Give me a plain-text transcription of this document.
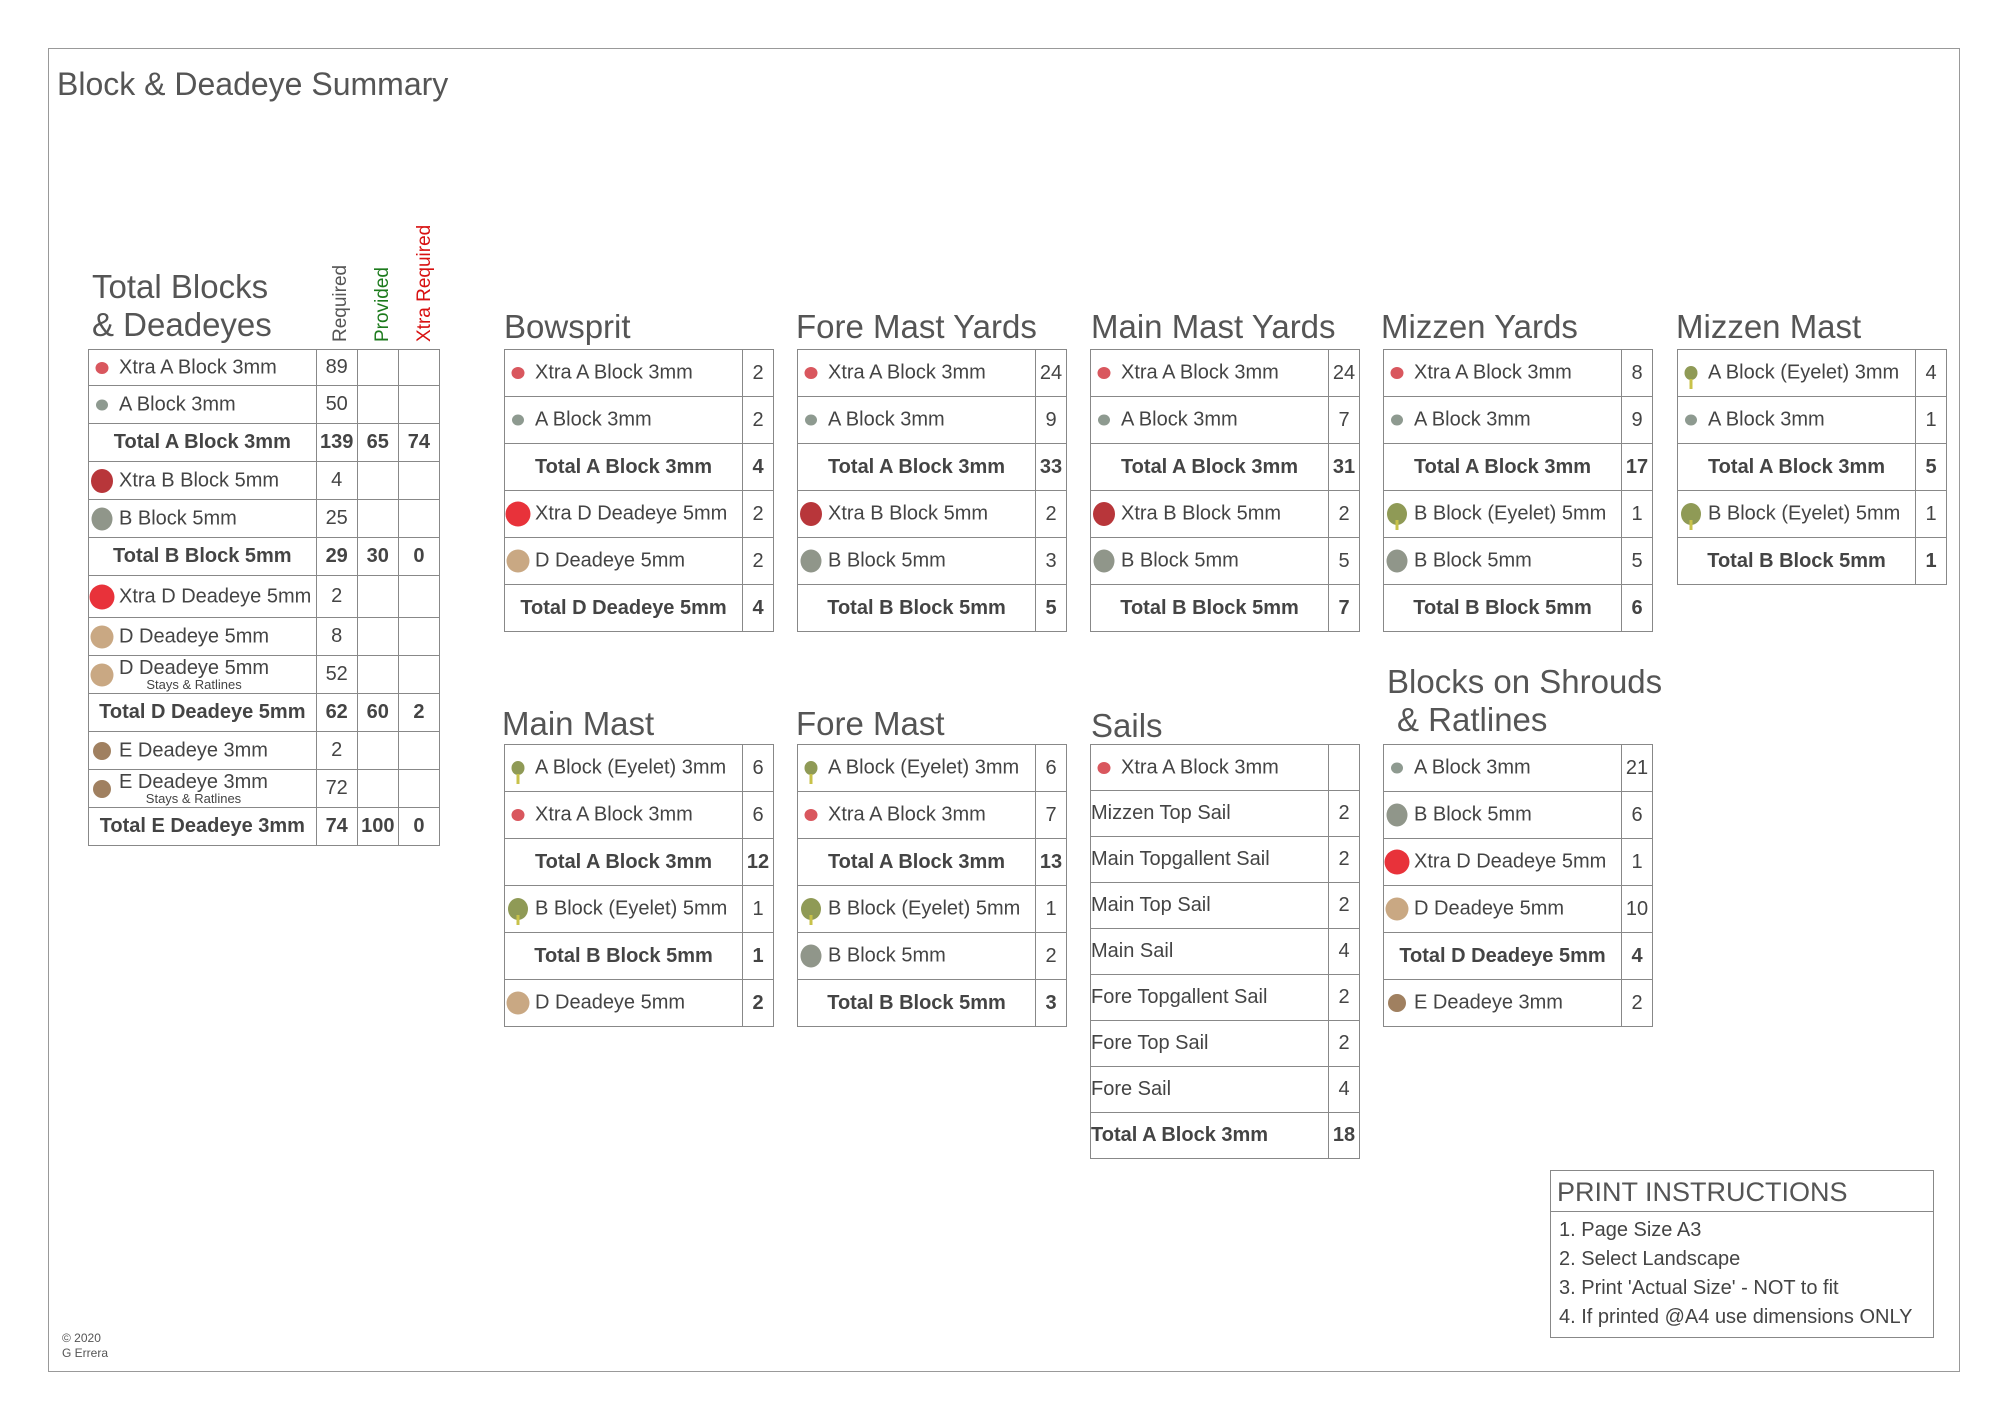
Block & Deadeye Summary
Total Blocks
& Deadeyes	Required Provided Xtra Required
Xtra A Block 3mm	89		

A Block 3mm	50		
Total A Block 3mm	139	65	74

Xtra B Block 5mm	4		

B Block 5mm	25		
Total B Block 5mm	29	30	0

Xtra D Deadeye 5mm	2		

D Deadeye 5mm	8		

D Deadeye 5mm
Stays & Ratlines	52		
Total D Deadeye 5mm	62	60	2

E Deadeye 3mm	2		

E Deadeye 3mm
Stays & Ratlines	72		
Total E Deadeye 3mm	74	100	0
Bowsprit	Fore Mast Yards Main Mast Yards Mizzen Yards	Mizzen Mast
Main Mast	Fore Mast	Sails
Blocks on Shrouds
& Ratlines
Xtra A Block 3mm	2

A Block 3mm	2
Total A Block 3mm	4

Xtra D Deadeye 5mm	2

D Deadeye 5mm	2
Total D Deadeye 5mm	4
Xtra A Block 3mm	24

A Block 3mm	9
Total A Block 3mm	33

Xtra B Block 5mm	2

B Block 5mm	3
Total B Block 5mm	5
Xtra A Block 3mm	24

A Block 3mm	7
Total A Block 3mm	31

Xtra B Block 5mm	2

B Block 5mm	5
Total B Block 5mm	7
Xtra A Block 3mm	8

A Block 3mm	9
Total A Block 3mm	17

B Block (Eyelet) 5mm	1

B Block 5mm	5
Total B Block 5mm	6
A Block (Eyelet) 3mm	4

A Block 3mm	1
Total A Block 3mm	5

B Block (Eyelet) 5mm	1
Total B Block 5mm	1
A Block (Eyelet) 3mm	6

Xtra A Block 3mm	6
Total A Block 3mm	12

B Block (Eyelet) 5mm	1
Total B Block 5mm	1

D Deadeye 5mm	2
A Block (Eyelet) 3mm	6

Xtra A Block 3mm	7
Total A Block 3mm	13

B Block (Eyelet) 5mm	1

B Block 5mm	2
Total B Block 5mm	3
Xtra A Block 3mm	
Mizzen Top Sail	2
Main Topgallent Sail	2
Main Top Sail	2
Main Sail	4
Fore Topgallent Sail	2
Fore Top Sail	2
Fore Sail	4
Total A Block 3mm	18
A Block 3mm	21

B Block 5mm	6

Xtra D Deadeye 5mm	1

D Deadeye 5mm	10
Total D Deadeye 5mm	4

E Deadeye 3mm	2
PRINT INSTRUCTIONS
1. Page Size A3
2. Select Landscape
3. Print 'Actual Size' - NOT to fit
4. If printed @A4 use dimensions ONLY
© 2020
G Errera
